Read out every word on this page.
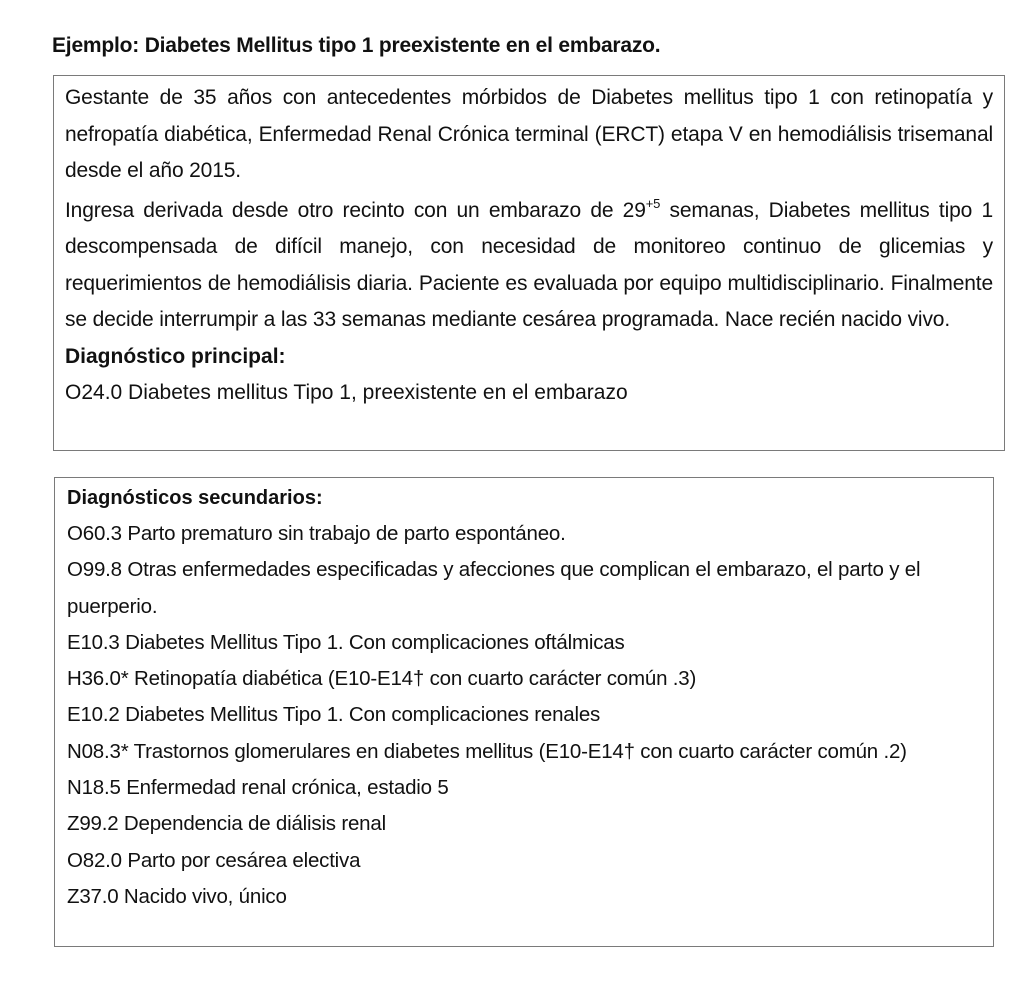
Ejemplo: Diabetes Mellitus tipo 1 preexistente en el embarazo.
Gestante de 35 años con antecedentes mórbidos de Diabetes mellitus tipo 1 con retinopatía y nefropatía diabética, Enfermedad Renal Crónica terminal (ERCT) etapa V en hemodiálisis trisemanal desde el año 2015.
Ingresa derivada desde otro recinto con un embarazo de $29^{+5}$ semanas, Diabetes mellitus tipo 1 descompensada de difícil manejo, con necesidad de monitoreo continuo de glicemias y requerimientos de hemodiálisis diaria. Paciente es evaluada por equipo multidisciplinario. Finalmente se decide interrumpir a las 33 semanas mediante cesárea programada. Nace recién nacido vivo.
Diagnóstico principal:
O24.0 Diabetes mellitus Tipo 1, preexistente en el embarazo
Diagnósticos secundarios:
O60.3 Parto prematuro sin trabajo de parto espontáneo.
O99.8 Otras enfermedades especificadas y afecciones que complican el embarazo, el parto y el puerperio.
E10.3 Diabetes Mellitus Tipo 1. Con complicaciones oftálmicas
H36.0* Retinopatía diabética (E10-E14† con cuarto carácter común .3)
E10.2 Diabetes Mellitus Tipo 1. Con complicaciones renales
N08.3* Trastornos glomerulares en diabetes mellitus (E10-E14† con cuarto carácter común .2)
N18.5 Enfermedad renal crónica, estadio 5
Z99.2 Dependencia de diálisis renal
O82.0 Parto por cesárea electiva
Z37.0 Nacido vivo, único
